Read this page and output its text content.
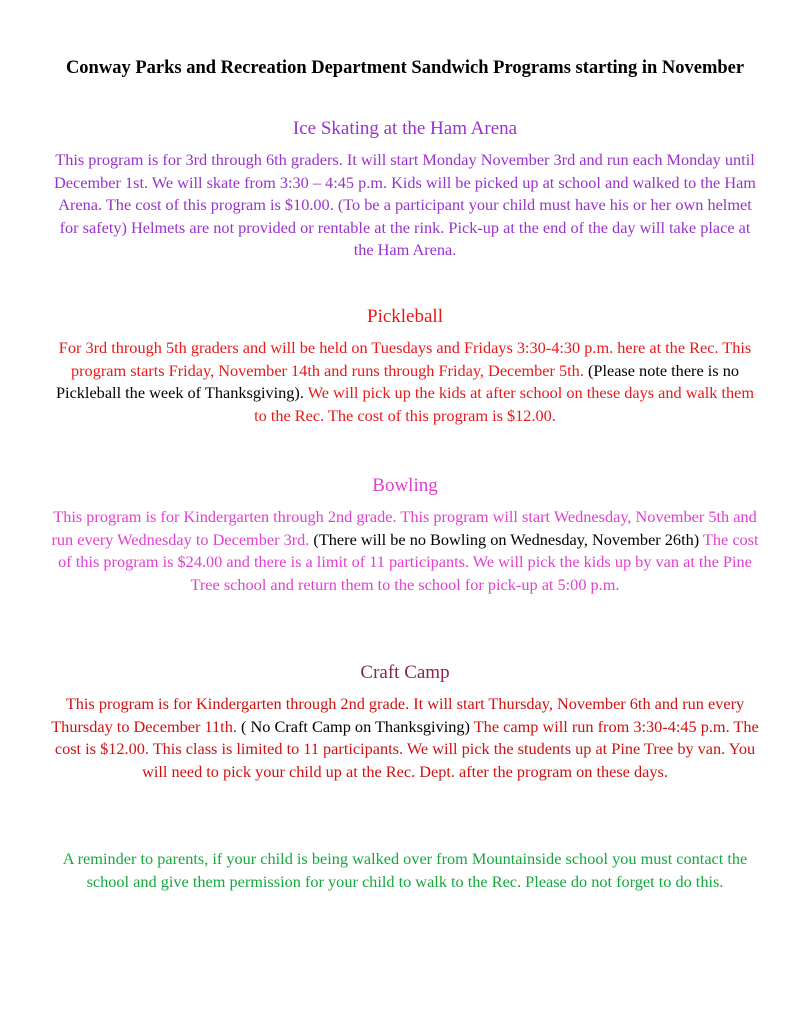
Conway Parks and Recreation Department Sandwich Programs starting in November
Ice Skating at the Ham Arena
This program is for 3rd through 6th graders. It will start Monday November 3rd and run each Monday until December 1st. We will skate from 3:30 – 4:45 p.m. Kids will be picked up at school and walked to the Ham Arena. The cost of this program is $10.00. (To be a participant your child must have his or her own helmet for safety) Helmets are not provided or rentable at the rink. Pick-up at the end of the day will take place at the Ham Arena.
Pickleball
For 3rd through 5th graders and will be held on Tuesdays and Fridays 3:30-4:30 p.m. here at the Rec. This program starts Friday, November 14th and runs through Friday, December 5th. (Please note there is no Pickleball the week of Thanksgiving). We will pick up the kids at after school on these days and walk them to the Rec. The cost of this program is $12.00.
Bowling
This program is for Kindergarten through 2nd grade. This program will start Wednesday, November 5th and run every Wednesday to December 3rd. (There will be no Bowling on Wednesday, November 26th) The cost of this program is $24.00 and there is a limit of 11 participants. We will pick the kids up by van at the Pine Tree school and return them to the school for pick-up at 5:00 p.m.
Craft Camp
This program is for Kindergarten through 2nd grade. It will start Thursday, November 6th and run every Thursday to December 11th. ( No Craft Camp on Thanksgiving) The camp will run from 3:30-4:45 p.m. The cost is $12.00. This class is limited to 11 participants. We will pick the students up at Pine Tree by van. You will need to pick your child up at the Rec. Dept. after the program on these days.
A reminder to parents, if your child is being walked over from Mountainside school you must contact the school and give them permission for your child to walk to the Rec. Please do not forget to do this.
